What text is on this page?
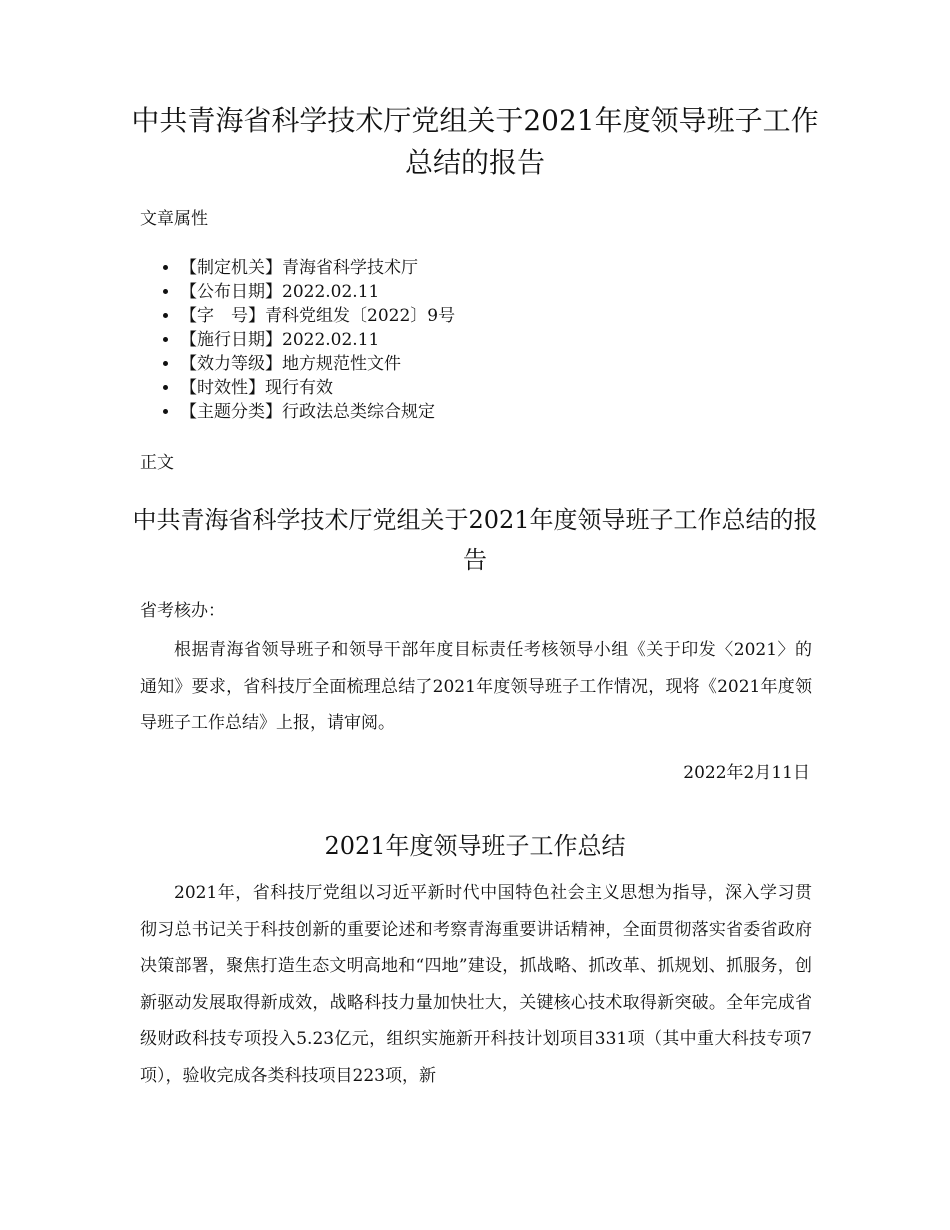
中共青海省科学技术厅党组关于2021年度领导班子工作总结的报告

文章属性

• 【制定机关】青海省科学技术厅
• 【公布日期】2022.02.11
• 【字　号】青科党组发〔2022〕9号
• 【施行日期】2022.02.11
• 【效力等级】地方规范性文件
• 【时效性】现行有效
• 【主题分类】行政法总类综合规定

正文

中共青海省科学技术厅党组关于2021年度领导班子工作总结的报告

省考核办：

根据青海省领导班子和领导干部年度目标责任考核领导小组《关于印发〈2021〉的通知》要求，省科技厅全面梳理总结了2021年度领导班子工作情况，现将《2021年度领导班子工作总结》上报，请审阅。

2022年2月11日

2021年度领导班子工作总结

2021年，省科技厅党组以习近平新时代中国特色社会主义思想为指导，深入学习贯彻习总书记关于科技创新的重要论述和考察青海重要讲话精神，全面贯彻落实省委省政府决策部署，聚焦打造生态文明高地和“四地”建设，抓战略、抓改革、抓规划、抓服务，创新驱动发展取得新成效，战略科技力量加快壮大，关键核心技术取得新突破。全年完成省级财政科技专项投入5.23亿元，组织实施新开科技计划项目331项（其中重大科技专项7项），验收完成各类科技项目223项，新
